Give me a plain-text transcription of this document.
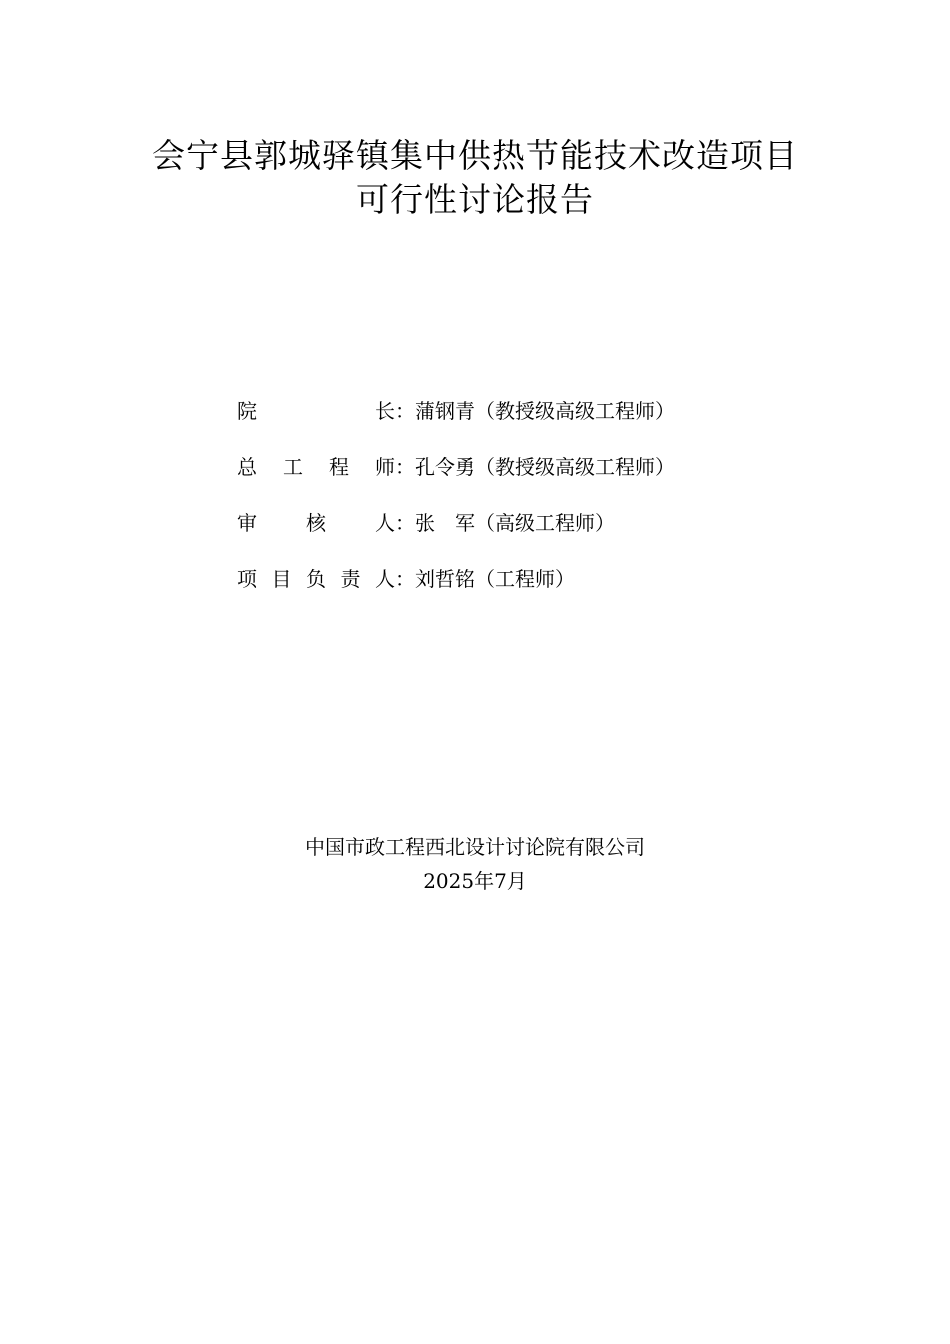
会宁县郭城驿镇集中供热节能技术改造项目
可行性讨论报告
院	长 ： 蒲钢青（教授级高级工程师）
总 工 程 师 ： 孔令勇（教授级高级工程师）
审 核 人 ： 张　军（高级工程师）
项 目 负 责 人 ： 刘哲铭（工程师）
中国市政工程西北设计讨论院有限公司
2025年7月
